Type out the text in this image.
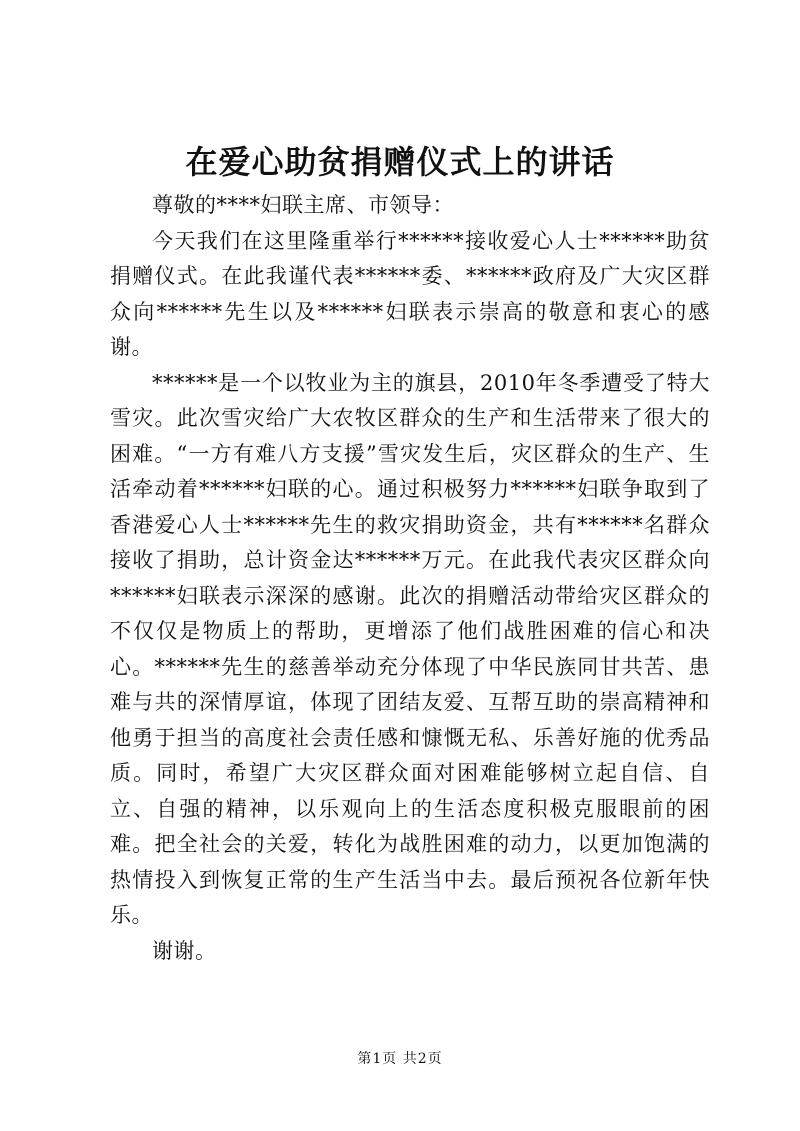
在爱心助贫捐赠仪式上的讲话

尊敬的****妇联主席、市领导：

今天我们在这里隆重举行******接收爱心人士******助贫捐赠仪式。在此我谨代表******委、******政府及广大灾区群众向******先生以及******妇联表示崇高的敬意和衷心的感谢。

******是一个以牧业为主的旗县，2010年冬季遭受了特大雪灾。此次雪灾给广大农牧区群众的生产和生活带来了很大的困难。“一方有难八方支援”雪灾发生后，灾区群众的生产、生活牵动着******妇联的心。通过积极努力******妇联争取到了香港爱心人士******先生的救灾捐助资金，共有******名群众接收了捐助，总计资金达******万元。在此我代表灾区群众向******妇联表示深深的感谢。此次的捐赠活动带给灾区群众的不仅仅是物质上的帮助，更增添了他们战胜困难的信心和决心。******先生的慈善举动充分体现了中华民族同甘共苦、患难与共的深情厚谊，体现了团结友爱、互帮互助的崇高精神和他勇于担当的高度社会责任感和慷慨无私、乐善好施的优秀品质。同时，希望广大灾区群众面对困难能够树立起自信、自立、自强的精神，以乐观向上的生活态度积极克服眼前的困难。把全社会的关爱，转化为战胜困难的动力，以更加饱满的热情投入到恢复正常的生产生活当中去。最后预祝各位新年快乐。

谢谢。

第1页 共2页
